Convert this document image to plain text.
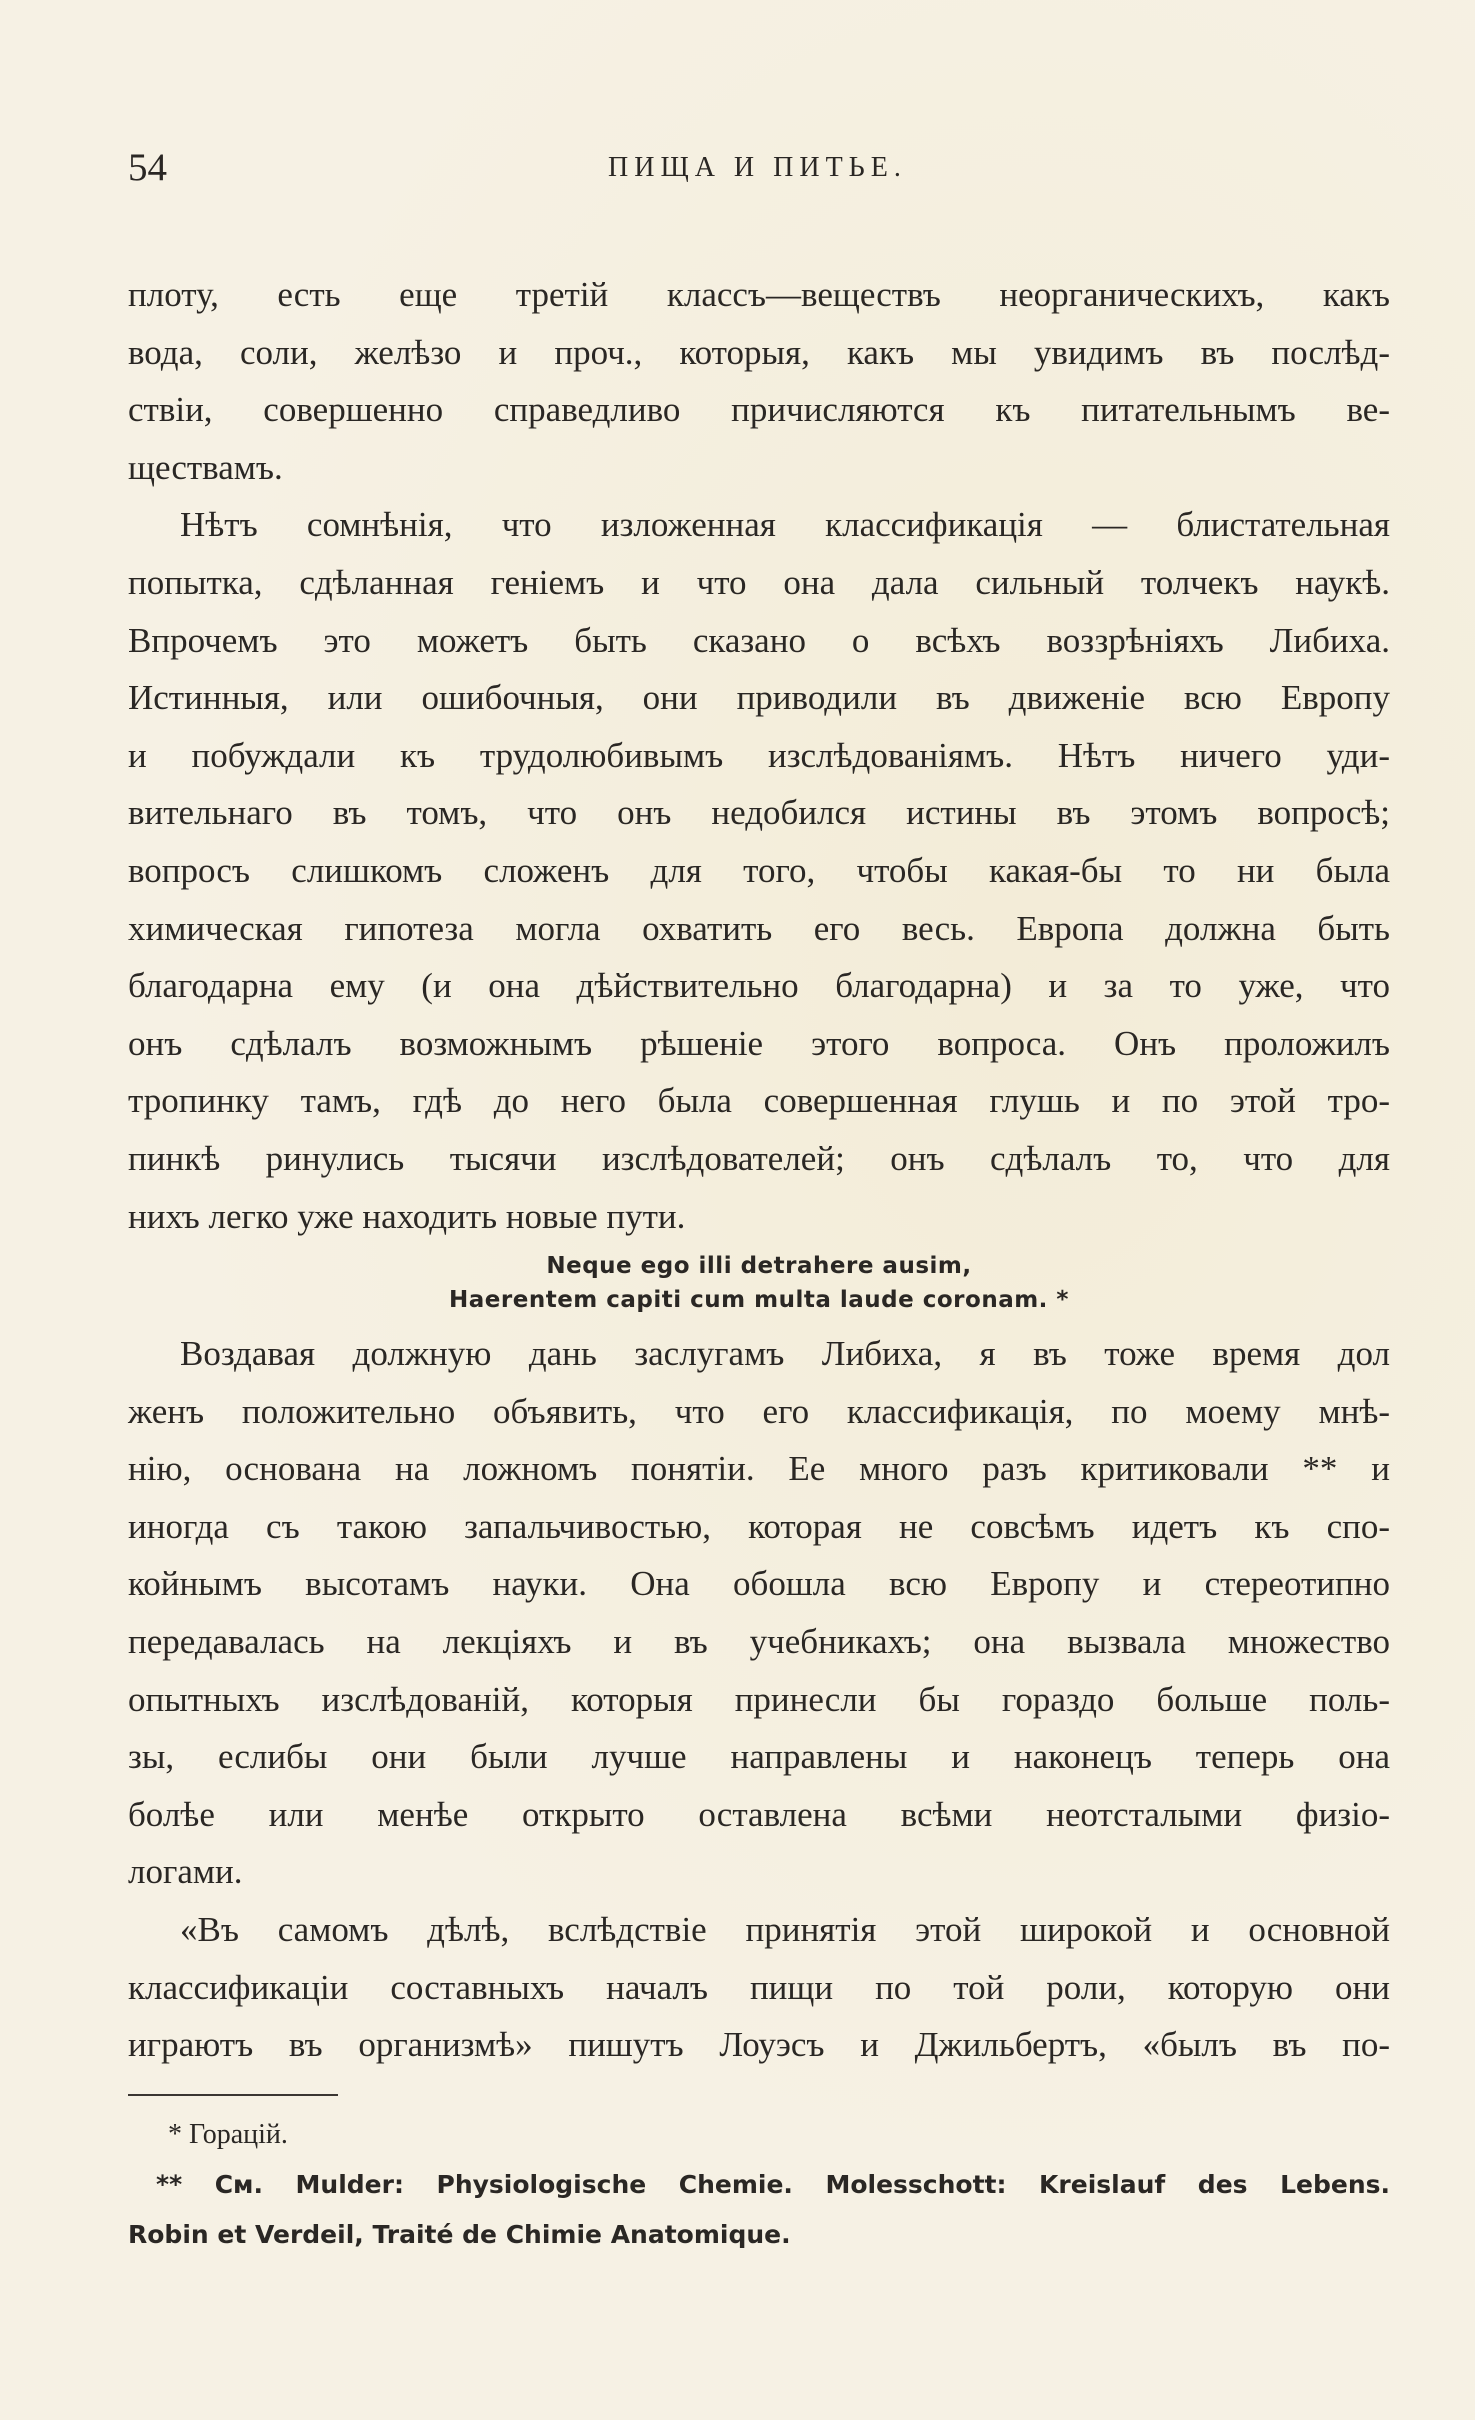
54	ПИЩА И ПИТЬЕ.

плоту, есть еще третій классъ—веществъ неорганическихъ, какъ
вода, соли, желѣзо и проч., которыя, какъ мы увидимъ въ послѣд-
ствіи, совершенно справедливо причисляются къ питательнымъ ве-
ществамъ.

Нѣтъ сомнѣнія, что изложенная классификація — блистательная
попытка, сдѣланная геніемъ и что она дала сильный толчекъ наукѣ.
Впрочемъ это можетъ быть сказано о всѣхъ воззрѣніяхъ Либиха.
Истинныя, или ошибочныя, они приводили въ движеніе всю Европу
и побуждали къ трудолюбивымъ изслѣдованіямъ. Нѣтъ ничего уди-
вительнаго въ томъ, что онъ недобился истины въ этомъ вопросѣ;
вопросъ слишкомъ сложенъ для того, чтобы какая-бы то ни была
химическая гипотеза могла охватить его весь. Европа должна быть
благодарна ему (и она дѣйствительно благодарна) и за то уже, что
онъ сдѣлалъ возможнымъ рѣшеніе этого вопроса. Онъ проложилъ
тропинку тамъ, гдѣ до него была совершенная глушь и по этой тро-
пинкѣ ринулись тысячи изслѣдователей; онъ сдѣлалъ то, что для
нихъ легко уже находить новые пути.

Neque ego illi detrahere ausim,
Haerentem capiti cum multa laude coronam. *

Воздавая должную дань заслугамъ Либиха, я въ тоже время дол
женъ положительно объявить, что его классификація, по моему мнѣ-
нію, основана на ложномъ понятіи. Ее много разъ критиковали ** и
иногда съ такою запальчивостью, которая не совсѣмъ идетъ къ спо-
койнымъ высотамъ науки. Она обошла всю Европу и стереотипно
передавалась на лекціяхъ и въ учебникахъ; она вызвала множество
опытныхъ изслѣдованій, которыя принесли бы гораздо больше поль-
зы, еслибы они были лучше направлены и наконецъ теперь она
болѣе или менѣе открыто оставлена всѣми неотсталыми физіо-
логами.

«Въ самомъ дѣлѣ, вслѣдствіе принятія этой широкой и основной
классификаціи составныхъ началъ пищи по той роли, которую они
играютъ въ организмѣ» пишутъ Лоуэсъ и Джильбертъ, «былъ въ по-

* Горацій.
** См. Mulder: Physiologische Chemie. Molesschott: Kreislauf des Lebens.
Robin et Verdeil, Traité de Chimie Anatomique.
